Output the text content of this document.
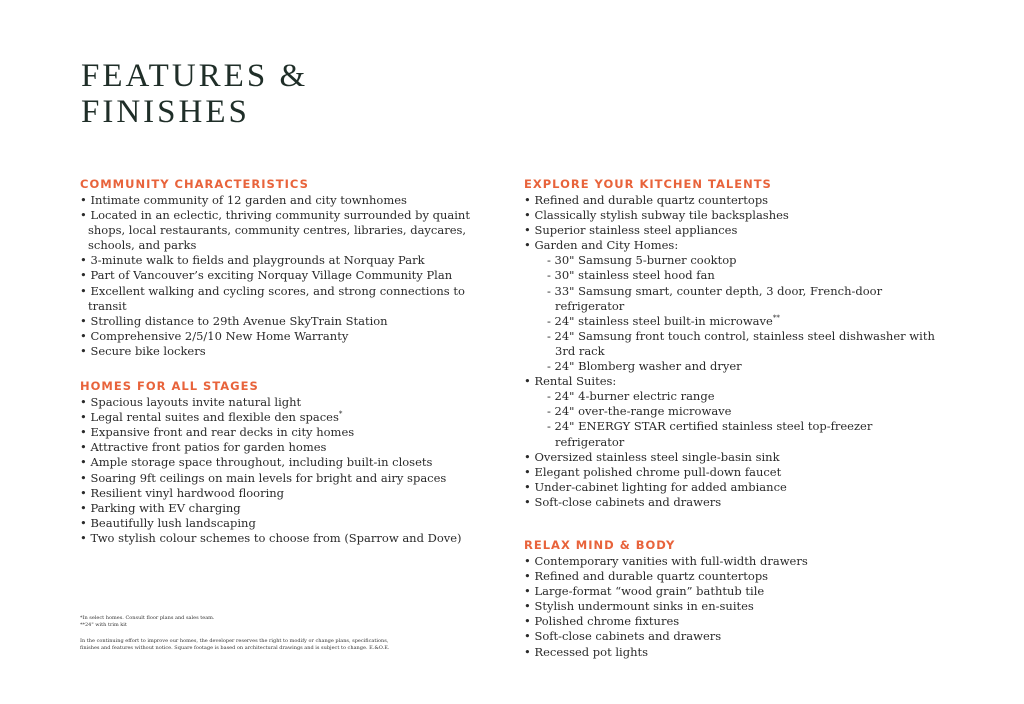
FEATURES &
FINISHES
COMMUNITY CHARACTERISTICS
• Intimate community of 12 garden and city townhomes
• Located in an eclectic, thriving community surrounded by quaint shops, local restaurants, community centres, libraries, daycares, schools, and parks
• 3-minute walk to fields and playgrounds at Norquay Park
• Part of Vancouver’s exciting Norquay Village Community Plan
• Excellent walking and cycling scores, and strong connections to transit
• Strolling distance to 29th Avenue SkyTrain Station
• Comprehensive 2/5/10 New Home Warranty
• Secure bike lockers
HOMES FOR ALL STAGES
• Spacious layouts invite natural light
• Legal rental suites and flexible den spaces*
• Expansive front and rear decks in city homes
• Attractive front patios for garden homes
• Ample storage space throughout, including built-in closets
• Soaring 9ft ceilings on main levels for bright and airy spaces
• Resilient vinyl hardwood flooring
• Parking with EV charging
• Beautifully lush landscaping
• Two stylish colour schemes to choose from (Sparrow and Dove)
EXPLORE YOUR KITCHEN TALENTS
• Refined and durable quartz countertops
• Classically stylish subway tile backsplashes
• Superior stainless steel appliances
• Garden and City Homes:
- 30" Samsung 5-burner cooktop
- 30" stainless steel hood fan
- 33" Samsung smart, counter depth, 3 door, French-door refrigerator
- 24" stainless steel built-in microwave**
- 24" Samsung front touch control, stainless steel dishwasher with 3rd rack
- 24" Blomberg washer and dryer
• Rental Suites:
- 24" 4-burner electric range
- 24" over-the-range microwave
- 24" ENERGY STAR certified stainless steel top-freezer refrigerator
• Oversized stainless steel single-basin sink
• Elegant polished chrome pull-down faucet
• Under-cabinet lighting for added ambiance
• Soft-close cabinets and drawers
RELAX MIND & BODY
• Contemporary vanities with full-width drawers
• Refined and durable quartz countertops
• Large-format “wood grain” bathtub tile
• Stylish undermount sinks in en-suites
• Polished chrome fixtures
• Soft-close cabinets and drawers
• Recessed pot lights
*In select homes. Consult floor plans and sales team.
**24" with trim kit
In the continuing effort to improve our homes, the developer reserves the right to modify or change plans, specifications,
finishes and features without notice. Square footage is based on architectural drawings and is subject to change. E.&O.E.
